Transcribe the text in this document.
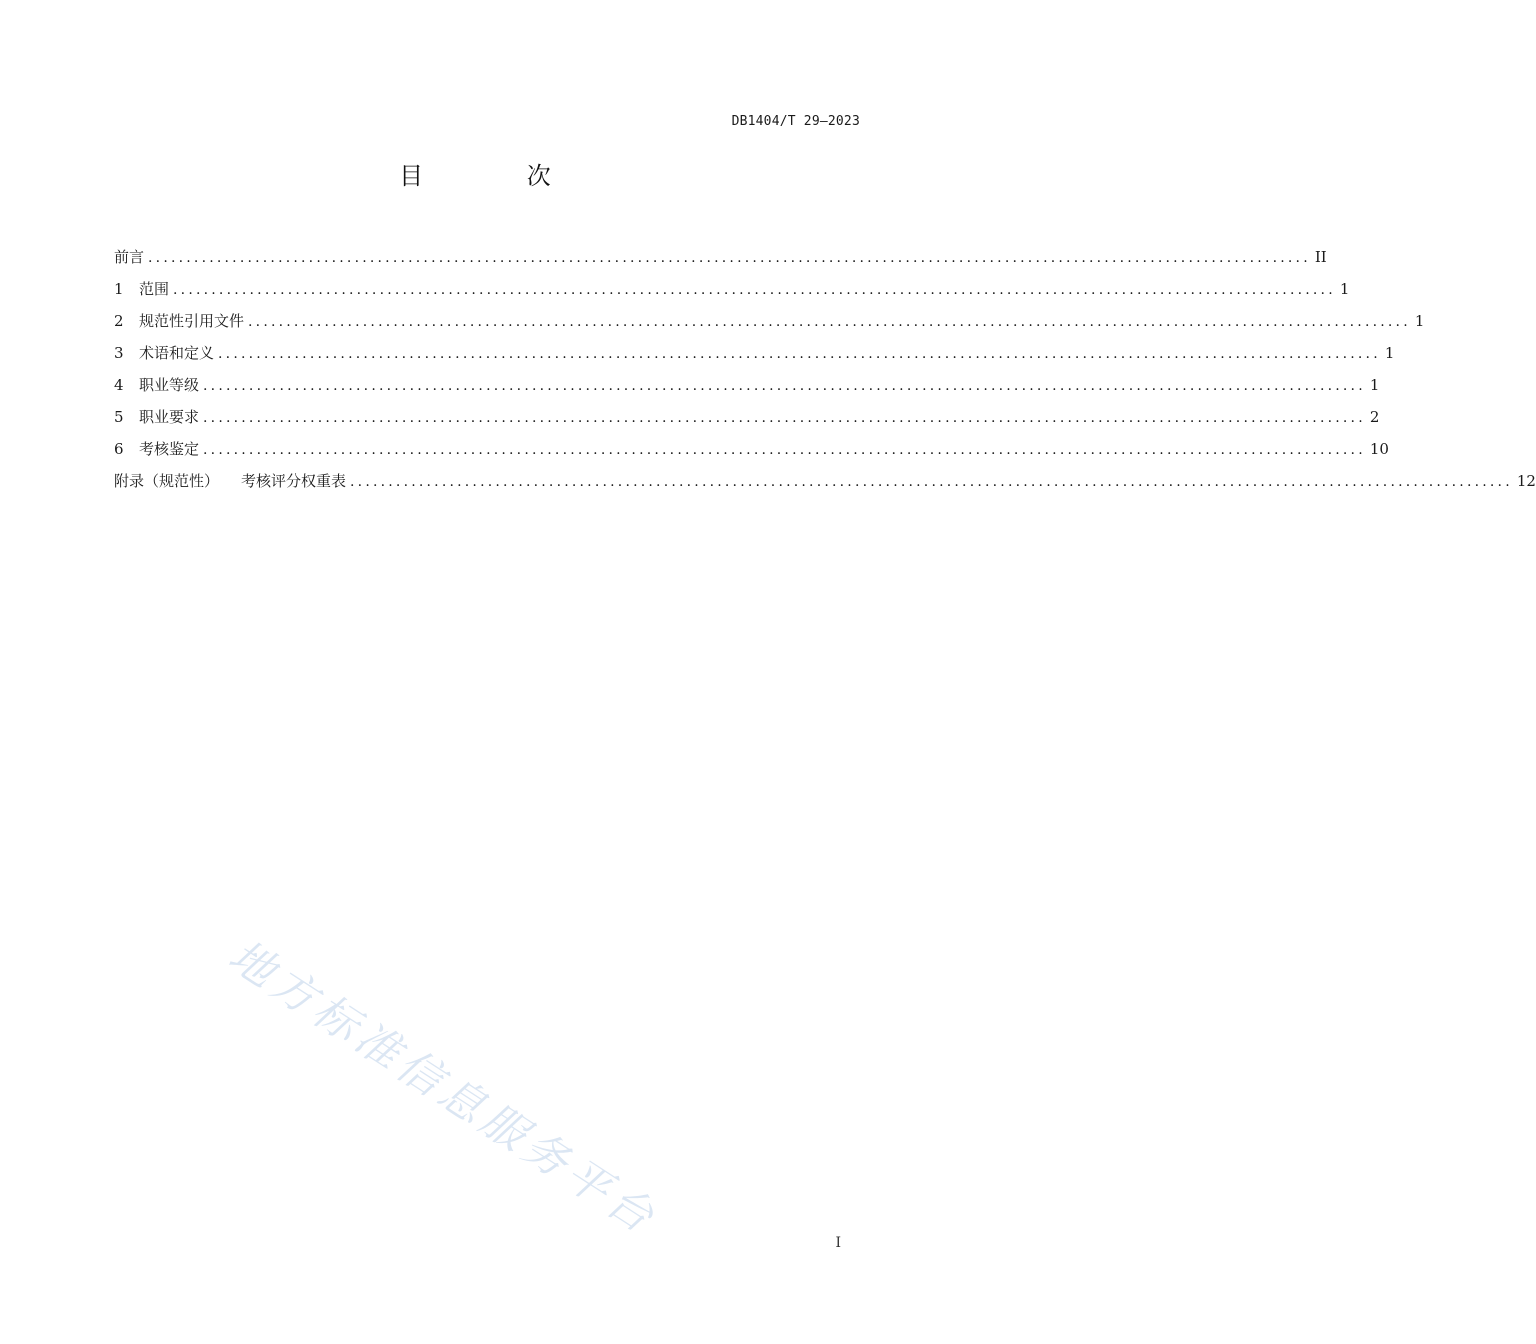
DB1404/T 29—2023
目 次
前言 ........................................................................................................................................................ II
1	范围 ........................................................................................................................................................ 1
2	规范性引用文件 ........................................................................................................................................................ 1
3	术语和定义 ........................................................................................................................................................ 1
4	职业等级 ........................................................................................................................................................ 1
5	职业要求 ........................................................................................................................................................ 2
6	考核鉴定 ........................................................................................................................................................ 10
附录（规范性） 考核评分权重表 ........................................................................................................................................................ 12
地方标准信息服务平台	I
